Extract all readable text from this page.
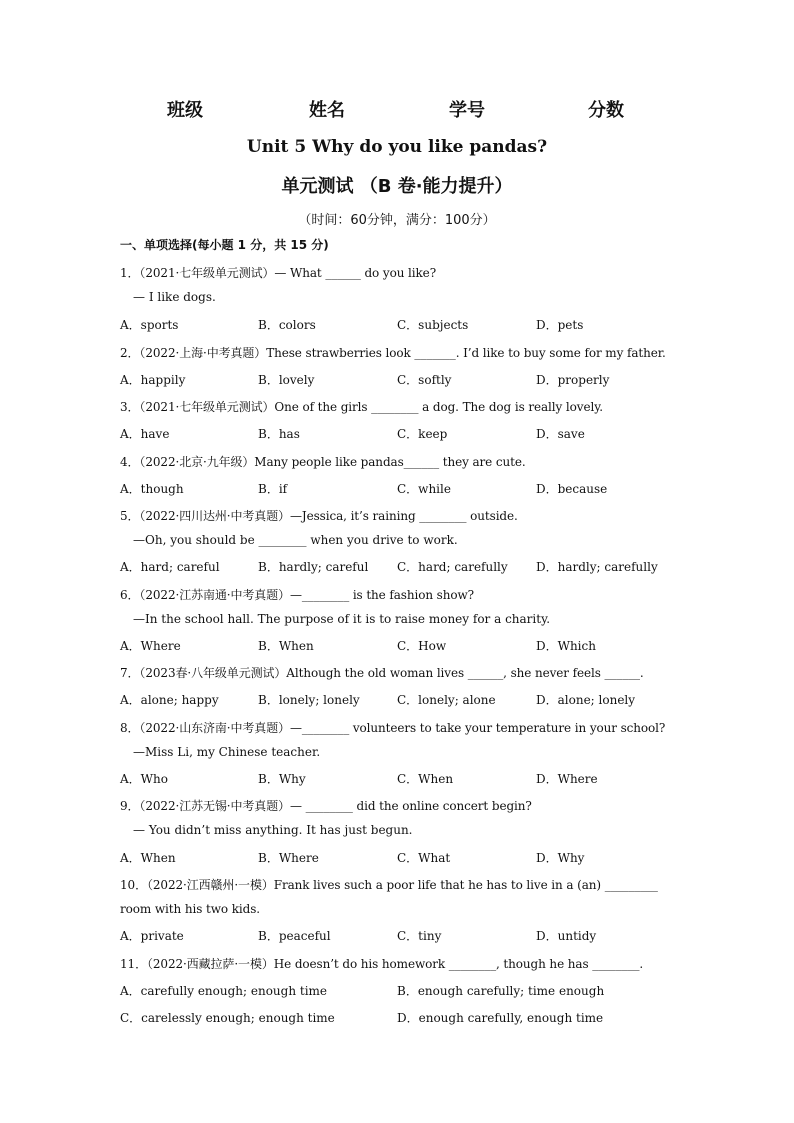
班级	姓名	学号	分数
Unit 5 Why do you like pandas?
单元测试 （B 卷·能力提升）
（时间：60分钟，满分：100分）
一、单项选择(每小题 1 分，共 15 分)
1．（2021·七年级单元测试）— What ______ do you like?
— I like dogs.
A．sports	B．colors	C．subjects	D．pets
2．（2022·上海·中考真题）These strawberries look _______. I’d like to buy some for my father.
A．happily	B．lovely	C．softly	D．properly
3．（2021·七年级单元测试）One of the girls ________ a dog. The dog is really lovely.
A．have	B．has	C．keep	D．save
4．（2022·北京·九年级）Many people like pandas______ they are cute.
A．though	B．if	C．while	D．because
5．（2022·四川达州·中考真题）—Jessica, it’s raining ________ outside.
—Oh, you should be ________ when you drive to work.
A．hard; careful	B．hardly; careful C．hard; carefully D．hardly; carefully
6．（2022·江苏南通·中考真题）—________ is the fashion show?
—In the school hall. The purpose of it is to raise money for a charity.
A．Where	B．When	C．How	D．Which
7．（2023春·八年级单元测试）Although the old woman lives ______, she never feels ______.
A．alone; happy	B．lonely; lonely	C．lonely; alone	D．alone; lonely
8．（2022·山东济南·中考真题）—________ volunteers to take your temperature in your school?
—Miss Li, my Chinese teacher.
A．Who	B．Why	C．When	D．Where
9．（2022·江苏无锡·中考真题）— ________ did the online concert begin?
— You didn’t miss anything. It has just begun.
A．When	B．Where	C．What	D．Why
10．（2022·江西赣州·一模）Frank lives such a poor life that he has to live in a (an) _________
room with his two kids.
A．private	B．peaceful	C．tiny	D．untidy
11．（2022·西藏拉萨·一模）He doesn’t do his homework ________, though he has ________.
A．carefully enough; enough time	B．enough carefully; time enough
C．carelessly enough; enough time	D．enough carefully, enough time
